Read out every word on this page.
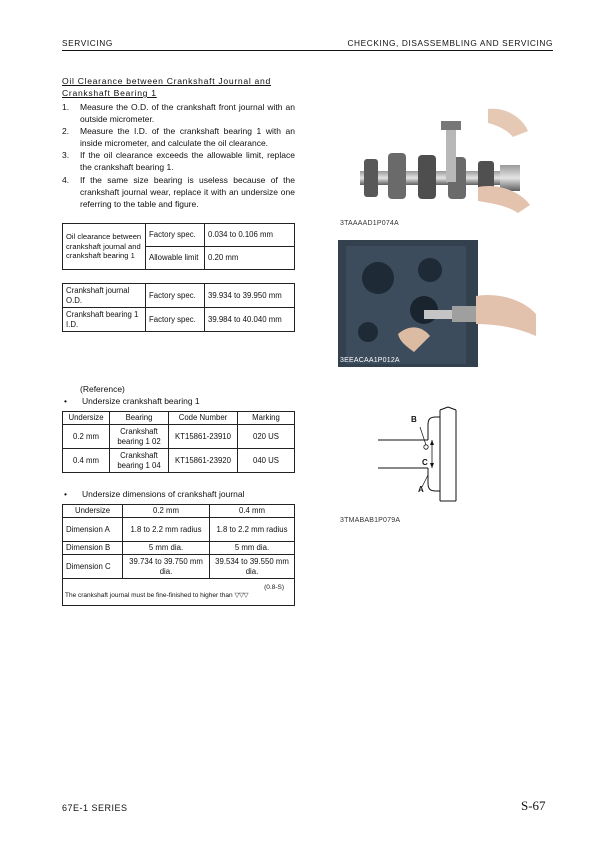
SERVICING	CHECKING, DISASSEMBLING AND SERVICING
Oil Clearance between Crankshaft Journal and Crankshaft Bearing 1
1.	Measure the O.D. of the crankshaft front journal with an outside micrometer.
2.	Measure the I.D. of the crankshaft bearing 1 with an inside micrometer, and calculate the oil clearance.
3.	If the oil clearance exceeds the allowable limit, replace the crankshaft bearing 1.
4.	If the same size bearing is useless because of the crankshaft journal wear, replace it with an undersize one referring to the table and figure.
Oil clearance between crankshaft journal and crankshaft bearing 1	Factory spec.	0.034 to 0.106 mm
	Allowable limit	0.20 mm
Crankshaft journal O.D.	Factory spec.	39.934 to 39.950 mm
Crankshaft bearing 1 I.D.	Factory spec.	39.984 to 40.040 mm
(Reference)
•	Undersize crankshaft bearing 1
Undersize	Bearing	Code Number	Marking
0.2 mm	Crankshaft bearing 1 02	KT15861-23910	020 US
0.4 mm	Crankshaft bearing 1 04	KT15861-23920	040 US
•	Undersize dimensions of crankshaft journal
Undersize	0.2 mm	0.4 mm
Dimension A	1.8 to 2.2 mm radius	1.8 to 2.2 mm radius
Dimension B	5 mm dia.	5 mm dia.
Dimension C	39.734 to 39.750 mm dia.	39.534 to 39.550 mm dia.

(0.8-S)
The crankshaft journal must be fine-finished to higher than ▽▽▽		
3TAAAAD1P074A
3EEACAA1P012A
B
C
A
3TMABAB1P079A
67E-1 SERIES	S-67
